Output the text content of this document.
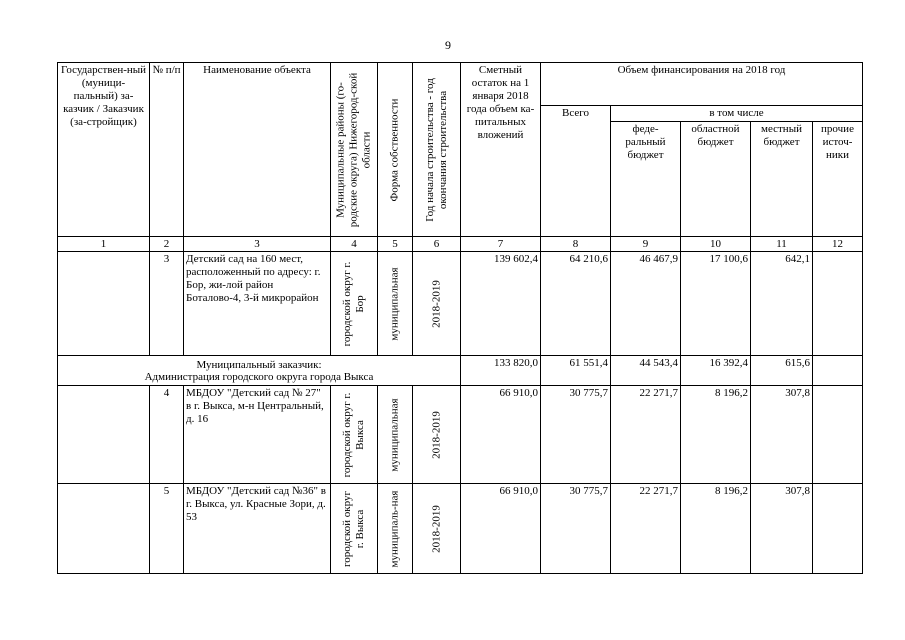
9
Государствен-ный (муници-пальный) за-казчик / Заказчик (за-стройщик)	№ п/п	Наименование объекта	Муниципальные районы (го-родские округа) Нижегород-ской области	Форма собственности	Год начала строительства - год окончания строительства	Сметный остаток на 1 января 2018 года объем ка-питальных вложений	Объем финансирования на 2018 год				
							Всего	в том числе			
								феде-ральный бюджет	областной бюджет	местный бюджет	прочие источ-ники
1	2	3	4	5	6	7	8	9	10	11	12
	3	Детский сад на 160 мест, расположенный по адресу: г. Бор, жи-лой район Боталово-4, 3-й микрорайон	городской округ г. Бор	муниципальная	2018-2019	139 602,4	64 210,6	46 467,9	17 100,6	642,1	

Муниципальный заказчик:
Администрация городского округа города Выкса						133 820,0	61 551,4	44 543,4	16 392,4	615,6	
	4	МБДОУ "Детский сад № 27" в г. Выкса, м-н Центральный, д. 16	городской округ г. Выкса	муниципальная	2018-2019	66 910,0	30 775,7	22 271,7	8 196,2	307,8	
	5	МБДОУ "Детский сад №36" в г. Выкса, ул. Красные Зори, д. 53	городской округ г. Выкса	муниципаль-ная	2018-2019	66 910,0	30 775,7	22 271,7	8 196,2	307,8	
